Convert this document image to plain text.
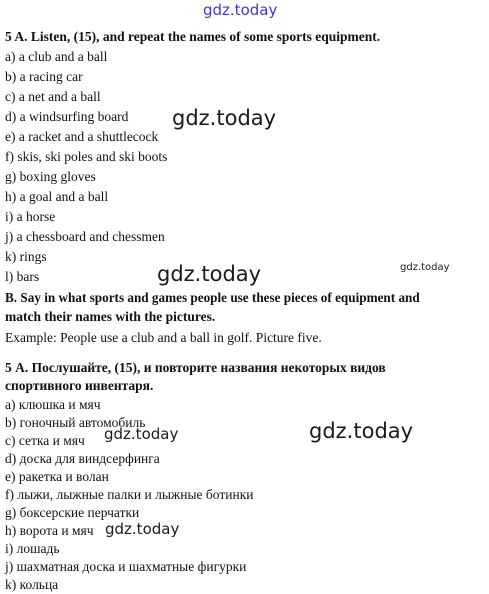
gdz.today
gdz.today
gdz.today	gdz.today
gdz.today
gdz.today
gdz.today
5 A. Listen, (15), and repeat the names of some sports equipment.
a) a club and a ball
b) a racing car
c) a net and a ball
d) a windsurfing board
e) a racket and a shuttlecock
f) skis, ski poles and ski boots
g) boxing gloves
h) a goal and a ball
i) a horse
j) a chessboard and chessmen
k) rings
l) bars
B. Say in what sports and games people use these pieces of equipment and
match their names with the pictures.
Example: People use a club and a ball in golf. Picture five.
5 А. Послушайте, (15), и повторите названия некоторых видов
спортивного инвентаря.
а) клюшка и мяч
b) гоночный автомобиль
c) сетка и мяч
d) доска для виндсерфинга
e) ракетка и волан
f) лыжи, лыжные палки и лыжные ботинки
g) боксерские перчатки
h) ворота и мяч
i) лошадь
j) шахматная доска и шахматные фигурки
k) кольца
